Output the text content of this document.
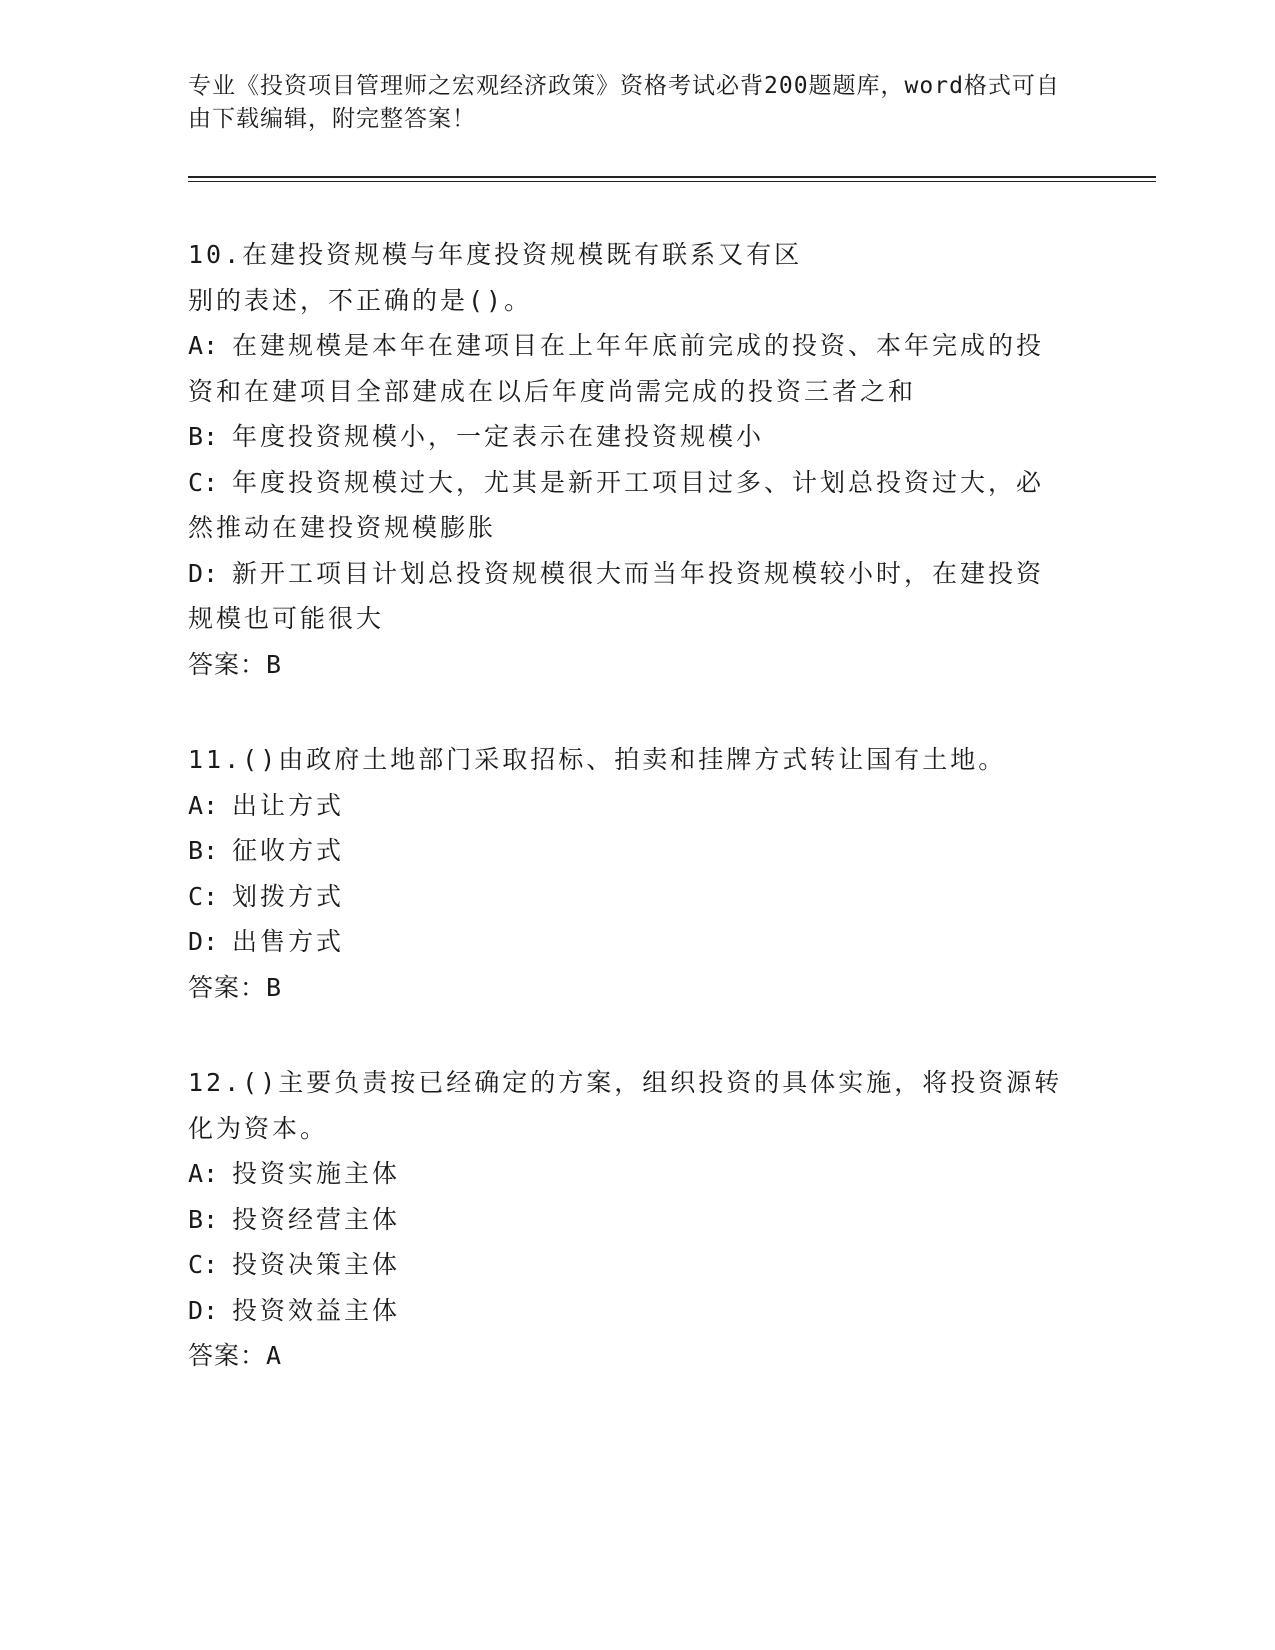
专业《投资项目管理师之宏观经济政策》资格考试必背200题题库，word格式可自由下载编辑，附完整答案！

10.在建投资规模与年度投资规模既有联系又有区

别的表述，不正确的是()。

A: 在建规模是本年在建项目在上年年底前完成的投资、本年完成的投

资和在建项目全部建成在以后年度尚需完成的投资三者之和

B: 年度投资规模小，一定表示在建投资规模小

C: 年度投资规模过大，尤其是新开工项目过多、计划总投资过大，必

然推动在建投资规模膨胀

D: 新开工项目计划总投资规模很大而当年投资规模较小时，在建投资

规模也可能很大

答案：B

11.()由政府土地部门采取招标、拍卖和挂牌方式转让国有土地。

A: 出让方式

B: 征收方式

C: 划拨方式

D: 出售方式

答案：B

12.()主要负责按已经确定的方案，组织投资的具体实施，将投资源转

化为资本。

A: 投资实施主体

B: 投资经营主体

C: 投资决策主体

D: 投资效益主体

答案：A
